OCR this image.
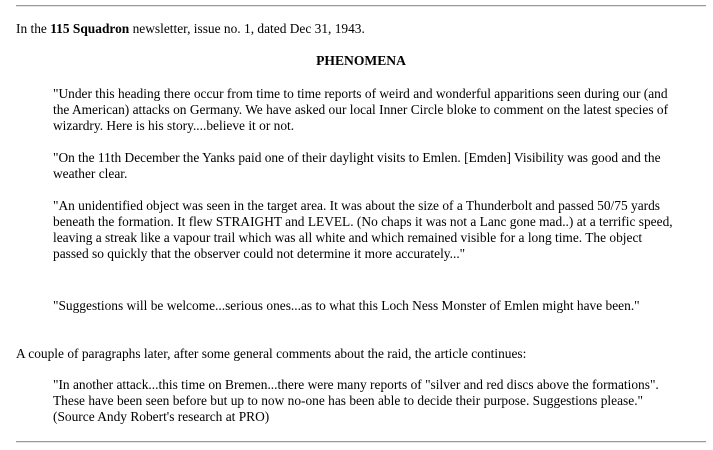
In the 115 Squadron newsletter, issue no. 1, dated Dec 31, 1943.

PHENOMENA

"Under this heading there occur from time to time reports of weird and wonderful apparitions seen during our (and the American) attacks on Germany. We have asked our local Inner Circle bloke to comment on the latest species of wizardry. Here is his story....believe it or not.

"On the 11th December the Yanks paid one of their daylight visits to Emlen. [Emden] Visibility was good and the weather clear.

"An unidentified object was seen in the target area. It was about the size of a Thunderbolt and passed 50/75 yards beneath the formation. It flew STRAIGHT and LEVEL. (No chaps it was not a Lanc gone mad..) at a terrific speed, leaving a streak like a vapour trail which was all white and which remained visible for a long time. The object passed so quickly that the observer could not determine it more accurately..."

"Suggestions will be welcome...serious ones...as to what this Loch Ness Monster of Emlen might have been."

A couple of paragraphs later, after some general comments about the raid, the article continues:

"In another attack...this time on Bremen...there were many reports of "silver and red discs above the formations". These have been seen before but up to now no-one has been able to decide their purpose. Suggestions please." (Source Andy Robert's research at PRO)
